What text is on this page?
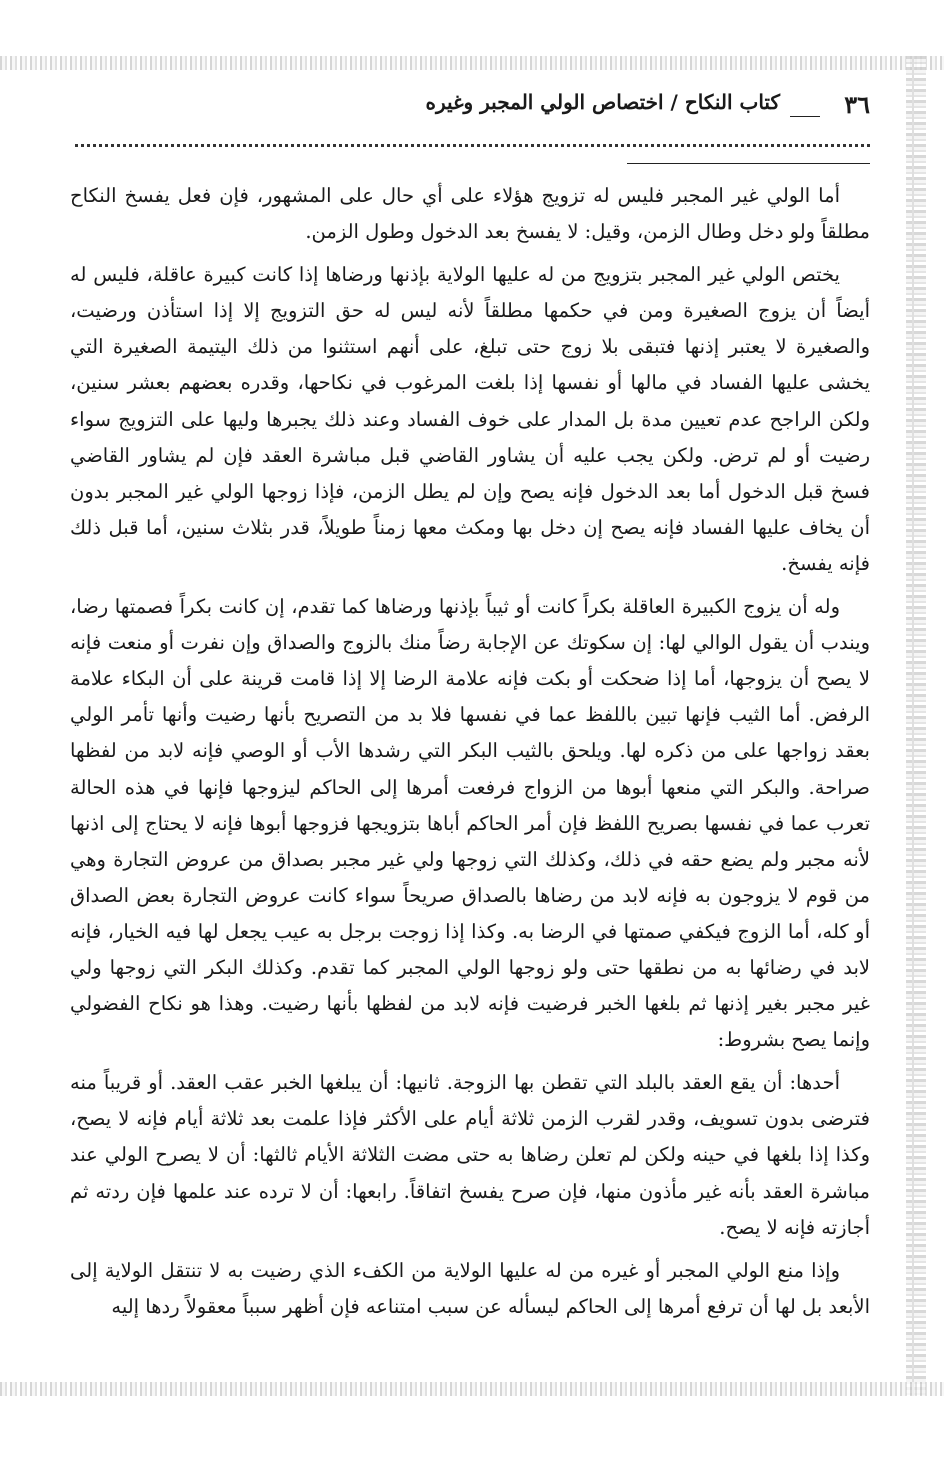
٣٦
كتاب النكاح / اختصاص الولي المجبر وغيره

أما الولي غير المجبر فليس له تزويج هؤلاء على أي حال على المشهور، فإن فعل يفسخ النكاح مطلقاً ولو دخل وطال الزمن، وقيل: لا يفسخ بعد الدخول وطول الزمن.

يختص الولي غير المجبر بتزويج من له عليها الولاية بإذنها ورضاها إذا كانت كبيرة عاقلة، فليس له أيضاً أن يزوج الصغيرة ومن في حكمها مطلقاً لأنه ليس له حق التزويج إلا إذا استأذن ورضيت، والصغيرة لا يعتبر إذنها فتبقى بلا زوج حتى تبلغ، على أنهم استثنوا من ذلك اليتيمة الصغيرة التي يخشى عليها الفساد في مالها أو نفسها إذا بلغت المرغوب في نكاحها، وقدره بعضهم بعشر سنين، ولكن الراجح عدم تعيين مدة بل المدار على خوف الفساد وعند ذلك يجبرها وليها على التزويج سواء رضيت أو لم ترض. ولكن يجب عليه أن يشاور القاضي قبل مباشرة العقد فإن لم يشاور القاضي فسخ قبل الدخول أما بعد الدخول فإنه يصح وإن لم يطل الزمن، فإذا زوجها الولي غير المجبر بدون أن يخاف عليها الفساد فإنه يصح إن دخل بها ومكث معها زمناً طويلاً، قدر بثلاث سنين، أما قبل ذلك فإنه يفسخ.

وله أن يزوج الكبيرة العاقلة بكراً كانت أو ثيباً بإذنها ورضاها كما تقدم، إن كانت بكراً فصمتها رضا، ويندب أن يقول الوالي لها: إن سكوتك عن الإجابة رضاً منك بالزوج والصداق وإن نفرت أو منعت فإنه لا يصح أن يزوجها، أما إذا ضحكت أو بكت فإنه علامة الرضا إلا إذا قامت قرينة على أن البكاء علامة الرفض. أما الثيب فإنها تبين باللفظ عما في نفسها فلا بد من التصريح بأنها رضيت وأنها تأمر الولي بعقد زواجها على من ذكره لها. ويلحق بالثيب البكر التي رشدها الأب أو الوصي فإنه لابد من لفظها صراحة. والبكر التي منعها أبوها من الزواج فرفعت أمرها إلى الحاكم ليزوجها فإنها في هذه الحالة تعرب عما في نفسها بصريح اللفظ فإن أمر الحاكم أباها بتزويجها فزوجها أبوها فإنه لا يحتاج إلى اذنها لأنه مجبر ولم يضع حقه في ذلك، وكذلك التي زوجها ولي غير مجبر بصداق من عروض التجارة وهي من قوم لا يزوجون به فإنه لابد من رضاها بالصداق صريحاً سواء كانت عروض التجارة بعض الصداق أو كله، أما الزوج فيكفي صمتها في الرضا به. وكذا إذا زوجت برجل به عيب يجعل لها فيه الخيار، فإنه لابد في رضائها به من نطقها حتى ولو زوجها الولي المجبر كما تقدم. وكذلك البكر التي زوجها ولي غير مجبر بغير إذنها ثم بلغها الخبر فرضيت فإنه لابد من لفظها بأنها رضيت. وهذا هو نكاح الفضولي وإنما يصح بشروط:

أحدها: أن يقع العقد بالبلد التي تقطن بها الزوجة. ثانيها: أن يبلغها الخبر عقب العقد. أو قريباً منه فترضى بدون تسويف، وقدر لقرب الزمن ثلاثة أيام على الأكثر فإذا علمت بعد ثلاثة أيام فإنه لا يصح، وكذا إذا بلغها في حينه ولكن لم تعلن رضاها به حتى مضت الثلاثة الأيام ثالثها: أن لا يصرح الولي عند مباشرة العقد بأنه غير مأذون منها، فإن صرح يفسخ اتفاقاً. رابعها: أن لا ترده عند علمها فإن ردته ثم أجازته فإنه لا يصح.

وإذا منع الولي المجبر أو غيره من له عليها الولاية من الكفء الذي رضيت به لا تنتقل الولاية إلى الأبعد بل لها أن ترفع أمرها إلى الحاكم ليسأله عن سبب امتناعه فإن أظهر سبباً معقولاً ردها إليه
